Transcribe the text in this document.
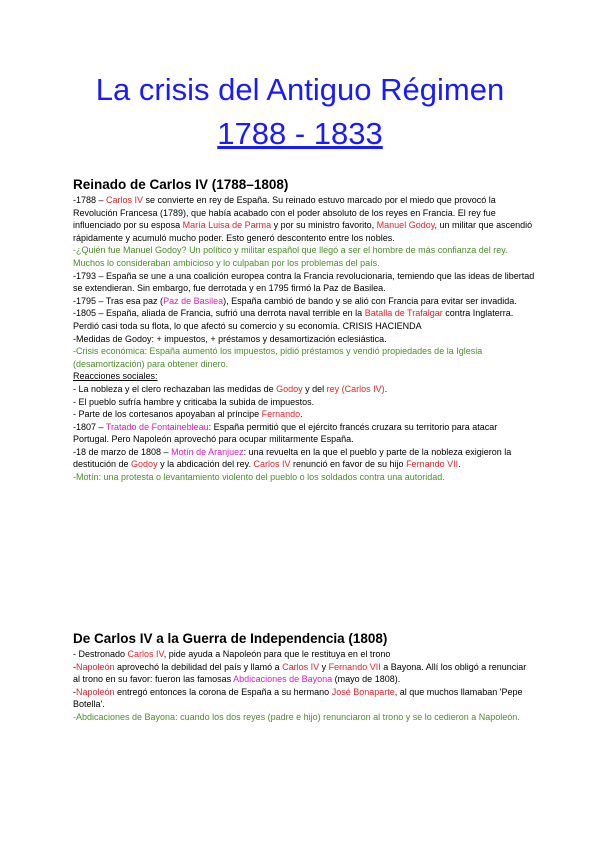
La crisis del Antiguo Régimen
1788 - 1833
Reinado de Carlos IV (1788–1808)

-1788 – Carlos IV se convierte en rey de España. Su reinado estuvo marcado por el miedo que provocó la Revolución Francesa (1789), que había acabado con el poder absoluto de los reyes en Francia. El rey fue influenciado por su esposa María Luisa de Parma y por su ministro favorito, Manuel Godoy, un militar que ascendió rápidamente y acumuló mucho poder. Esto generó descontento entre los nobles.

-¿Quién fue Manuel Godoy? Un político y militar español que llegó a ser el hombre de más confianza del rey. Muchos lo consideraban ambicioso y lo culpaban por los problemas del país.

-1793 – España se une a una coalición europea contra la Francia revolucionaria, temiendo que las ideas de libertad se extendieran. Sin embargo, fue derrotada y en 1795 firmó la Paz de Basilea.

-1795 – Tras esa paz (Paz de Basilea), España cambió de bando y se alió con Francia para evitar ser invadida.

-1805 – España, aliada de Francia, sufrió una derrota naval terrible en la Batalla de Trafalgar contra Inglaterra. Perdió casi toda su flota, lo que afectó su comercio y su economía. CRISIS HACIENDA

-Medidas de Godoy: + impuestos, + préstamos y desamortización eclesiástica.

-Crisis económica: España aumentó los impuestos, pidió préstamos y vendió propiedades de la Iglesia (desamortización) para obtener dinero.

Reacciones sociales:

- La nobleza y el clero rechazaban las medidas de Godoy y del rey (Carlos IV).

- El pueblo sufría hambre y criticaba la subida de impuestos.

- Parte de los cortesanos apoyaban al príncipe Fernando.

-1807 – Tratado de Fontainebleau: España permitió que el ejército francés cruzara su territorio para atacar Portugal. Pero Napoleón aprovechó para ocupar militarmente España.

-18 de marzo de 1808 – Motín de Aranjuez: una revuelta en la que el pueblo y parte de la nobleza exigieron la destitución de Godoy y la abdicación del rey. Carlos IV renunció en favor de su hijo Fernando VII.

-Motín: una protesta o levantamiento violento del pueblo o los soldados contra una autoridad.

De Carlos IV a la Guerra de Independencia (1808)

- Destronado Carlos IV, pide ayuda a Napoleón para que le restituya en el trono

-Napoleón aprovechó la debilidad del país y llamó a Carlos IV y Fernando VII a Bayona. Allí los obligó a renunciar al trono en su favor: fueron las famosas Abdicaciones de Bayona (mayo de 1808).

-Napoleón entregó entonces la corona de España a su hermano José Bonaparte, al que muchos llamaban 'Pepe Botella'.

-Abdicaciones de Bayona: cuando los dos reyes (padre e hijo) renunciaron al trono y se lo cedieron a Napoleón.
